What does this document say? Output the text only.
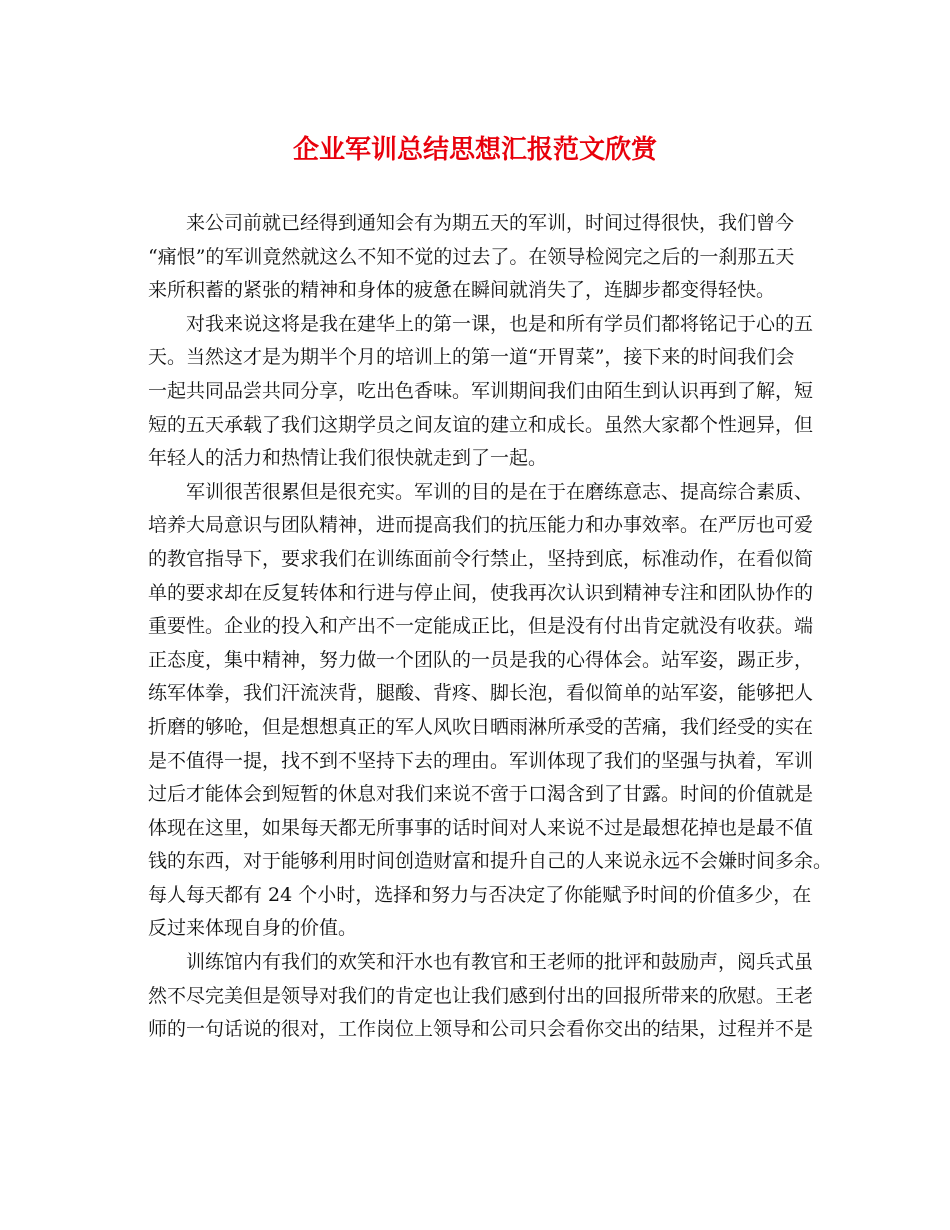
企业军训总结思想汇报范文欣赏
来公司前就已经得到通知会有为期五天的军训，时间过得很快，我们曾今
“痛恨”的军训竟然就这么不知不觉的过去了。在领导检阅完之后的一刹那五天
来所积蓄的紧张的精神和身体的疲惫在瞬间就消失了，连脚步都变得轻快。
对我来说这将是我在建华上的第一课，也是和所有学员们都将铭记于心的五
天。当然这才是为期半个月的培训上的第一道“开胃菜”，接下来的时间我们会
一起共同品尝共同分享，吃出色香味。军训期间我们由陌生到认识再到了解，短
短的五天承载了我们这期学员之间友谊的建立和成长。虽然大家都个性迥异，但
年轻人的活力和热情让我们很快就走到了一起。
军训很苦很累但是很充实。军训的目的是在于在磨练意志、提高综合素质、
培养大局意识与团队精神，进而提高我们的抗压能力和办事效率。在严厉也可爱
的教官指导下，要求我们在训练面前令行禁止，坚持到底，标准动作，在看似简
单的要求却在反复转体和行进与停止间，使我再次认识到精神专注和团队协作的
重要性。企业的投入和产出不一定能成正比，但是没有付出肯定就没有收获。端
正态度，集中精神，努力做一个团队的一员是我的心得体会。站军姿，踢正步，
练军体拳，我们汗流浃背，腿酸、背疼、脚长泡，看似简单的站军姿，能够把人
折磨的够呛，但是想想真正的军人风吹日晒雨淋所承受的苦痛，我们经受的实在
是不值得一提，找不到不坚持下去的理由。军训体现了我们的坚强与执着，军训
过后才能体会到短暂的休息对我们来说不啻于口渴含到了甘露。时间的价值就是
体现在这里，如果每天都无所事事的话时间对人来说不过是最想花掉也是最不值
钱的东西，对于能够利用时间创造财富和提升自己的人来说永远不会嫌时间多余。
每人每天都有 24 个小时，选择和努力与否决定了你能赋予时间的价值多少，在
反过来体现自身的价值。
训练馆内有我们的欢笑和汗水也有教官和王老师的批评和鼓励声，阅兵式虽
然不尽完美但是领导对我们的肯定也让我们感到付出的回报所带来的欣慰。王老
师的一句话说的很对，工作岗位上领导和公司只会看你交出的结果，过程并不是
